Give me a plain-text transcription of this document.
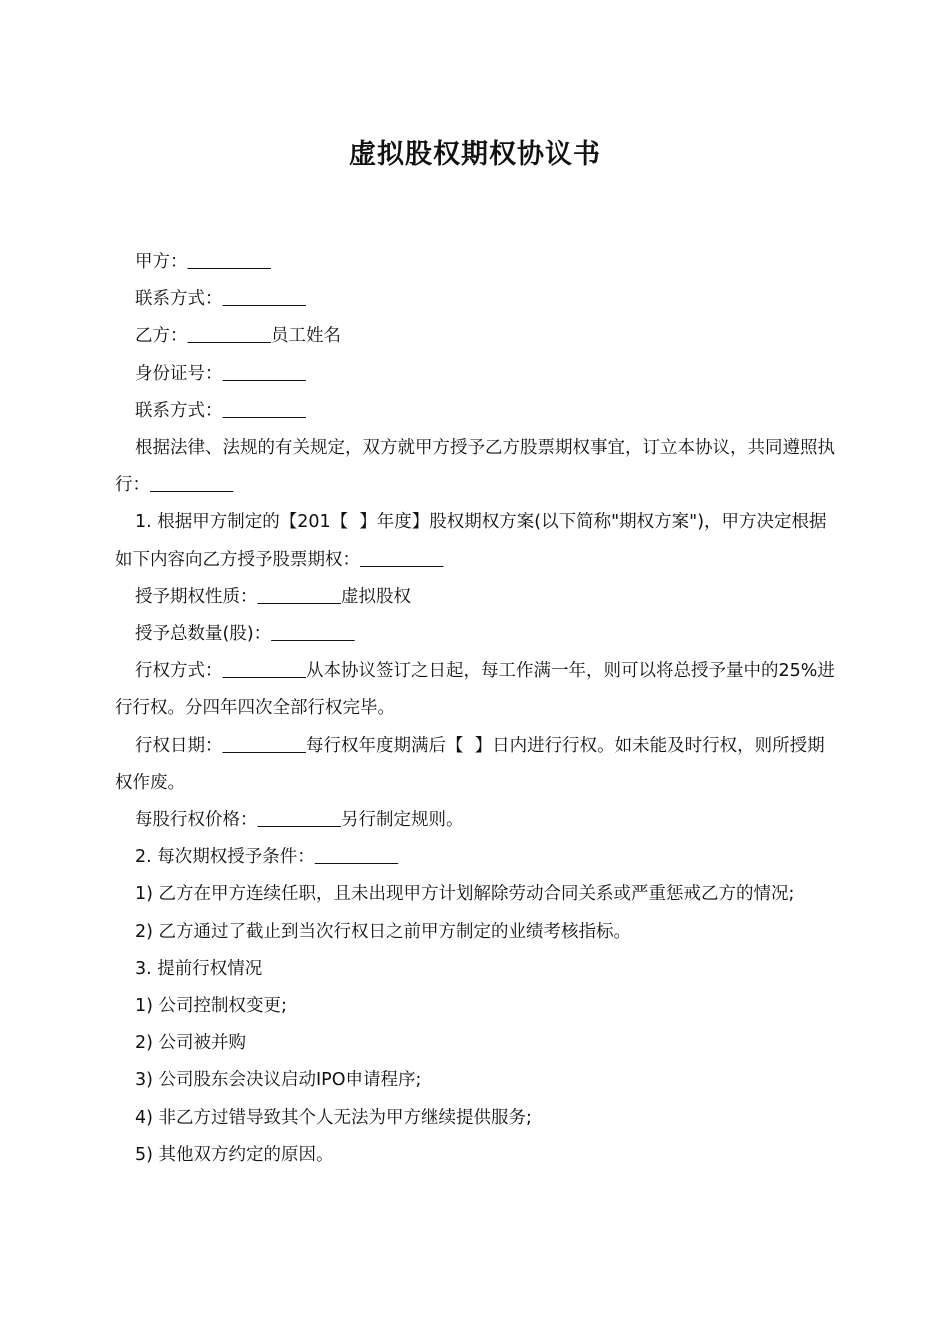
虚拟股权期权协议书

甲方：

联系方式：

乙方：	员工姓名

身份证号：

联系方式：

根据法律、法规的有关规定，双方就甲方授予乙方股票期权事宜，订立本协议，共同遵照执行：

1. 根据甲方制定的【201【  】年度】股权期权方案(以下简称"期权方案")，甲方决定根据如下内容向乙方授予股票期权：

授予期权性质：	虚拟股权

授予总数量(股)：

行权方式：	从本协议签订之日起，每工作满一年，则可以将总授予量中的25%进行行权。分四年四次全部行权完毕。

行权日期：	每行权年度期满后【  】日内进行行权。如未能及时行权，则所授期权作废。

每股行权价格：	另行制定规则。

2. 每次期权授予条件：

1) 乙方在甲方连续任职，且未出现甲方计划解除劳动合同关系或严重惩戒乙方的情况;

2) 乙方通过了截止到当次行权日之前甲方制定的业绩考核指标。

3. 提前行权情况

1) 公司控制权变更;

2) 公司被并购

3) 公司股东会决议启动IPO申请程序;

4) 非乙方过错导致其个人无法为甲方继续提供服务;

5) 其他双方约定的原因。
